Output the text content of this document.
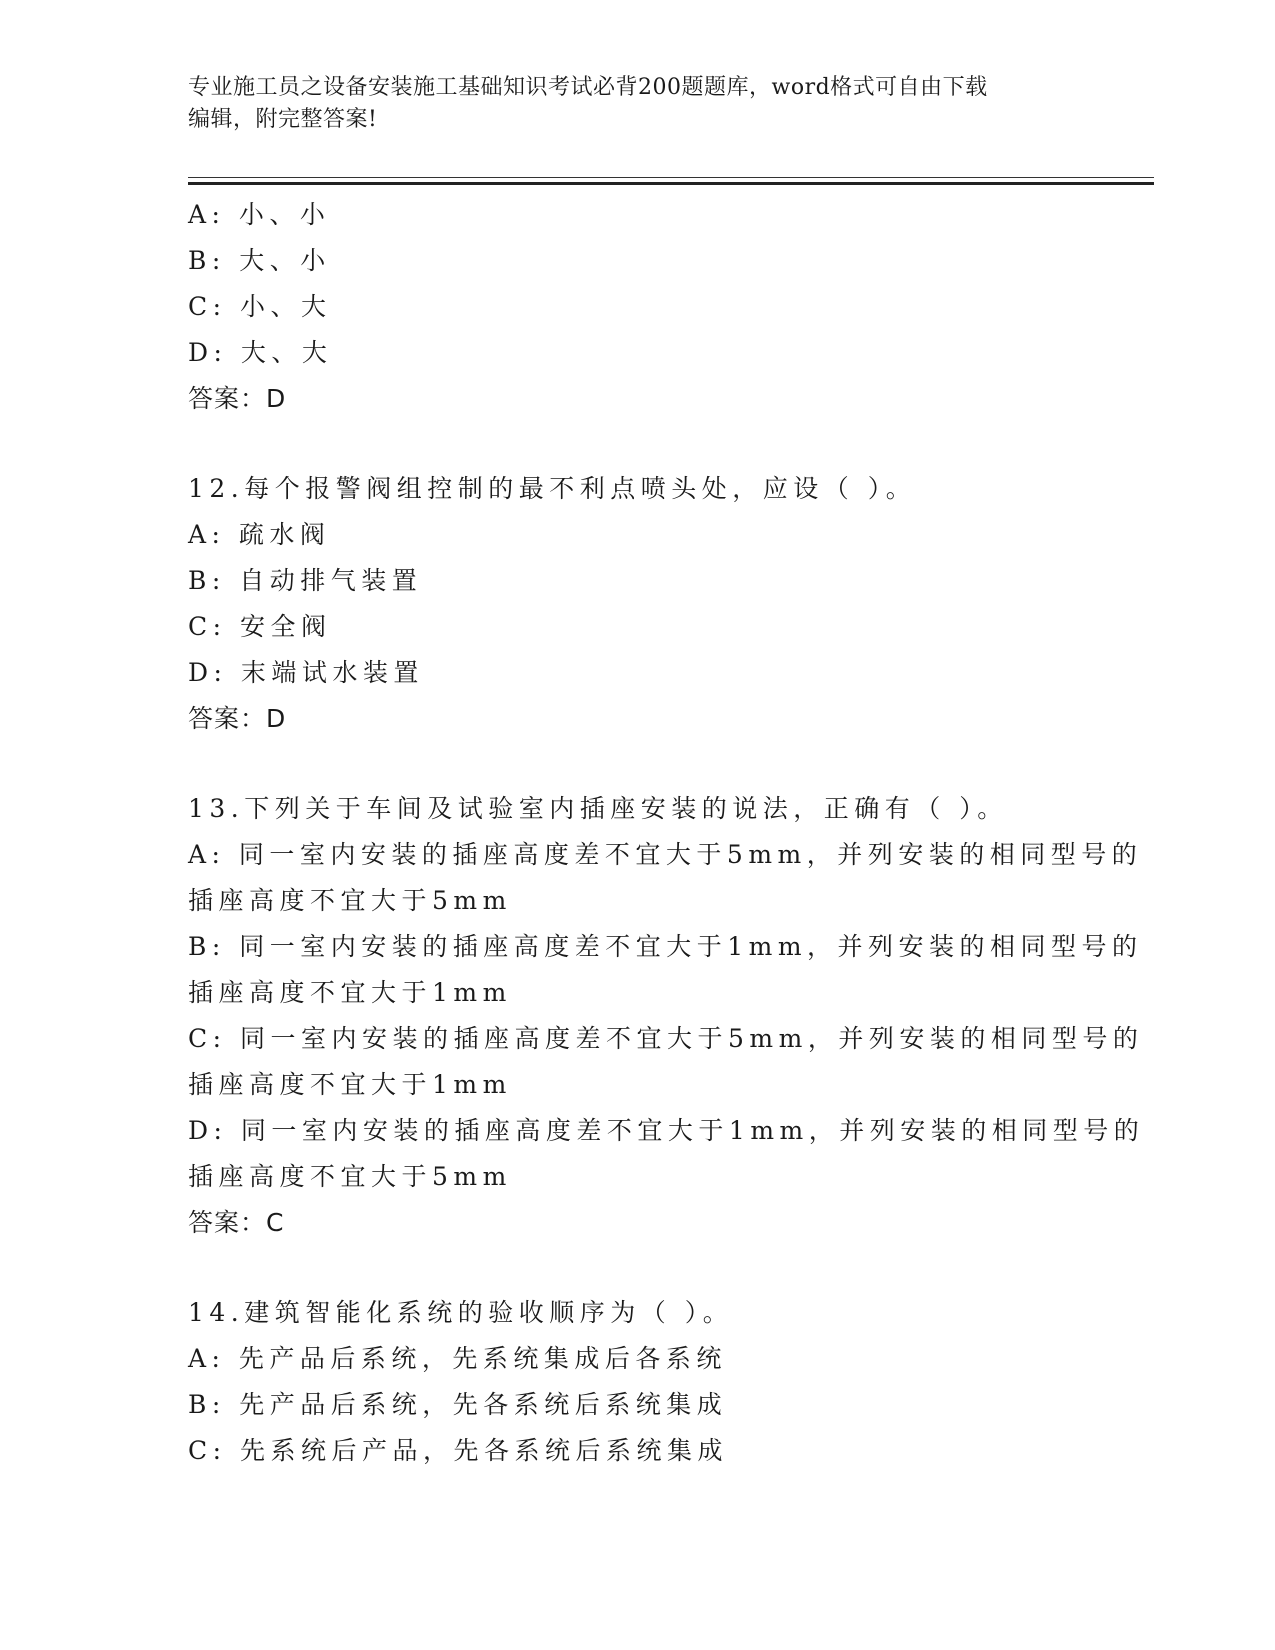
专业施工员之设备安装施工基础知识考试必背200题题库，word格式可自由下载
编辑，附完整答案!
A: 小、小
B: 大、小
C: 小、大
D: 大、大
答案：D
12.每个报警阀组控制的最不利点喷头处，应设（ ）。
A: 疏水阀
B: 自动排气装置
C: 安全阀
D: 末端试水装置
答案：D
13.下列关于车间及试验室内插座安装的说法，正确有（ ）。
A: 同一室内安装的插座高度差不宜大于5mm，并列安装的相同型号的
插座高度不宜大于5mm
B: 同一室内安装的插座高度差不宜大于1mm，并列安装的相同型号的
插座高度不宜大于1mm
C: 同一室内安装的插座高度差不宜大于5mm，并列安装的相同型号的
插座高度不宜大于1mm
D: 同一室内安装的插座高度差不宜大于1mm，并列安装的相同型号的
插座高度不宜大于5mm
答案：C
14.建筑智能化系统的验收顺序为（ ）。
A: 先产品后系统，先系统集成后各系统
B: 先产品后系统，先各系统后系统集成
C: 先系统后产品，先各系统后系统集成
